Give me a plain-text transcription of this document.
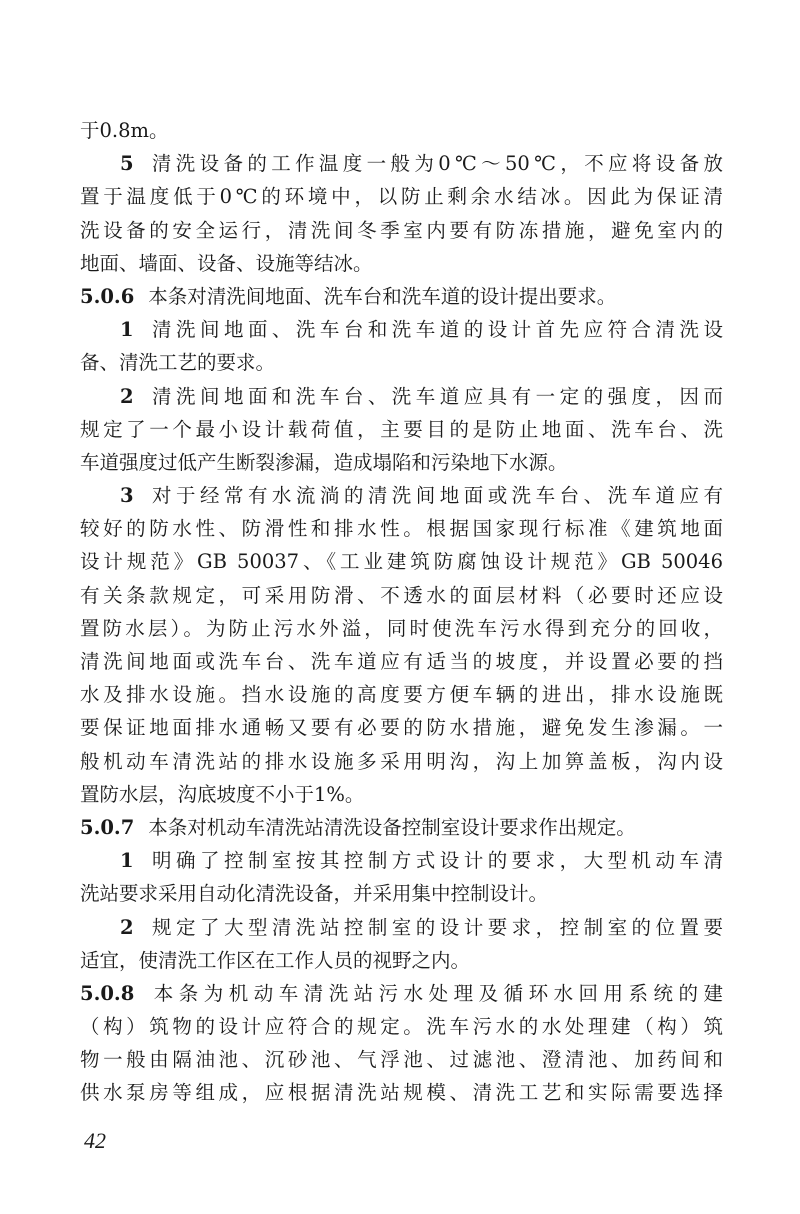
于0.8m。
5 清洗设备的工作温度一般为0℃～50℃，不应将设备放
置于温度低于0℃的环境中，以防止剩余水结冰。因此为保证清
洗设备的安全运行，清洗间冬季室内要有防冻措施，避免室内的
地面、墙面、设备、设施等结冰。
5.0.6 本条对清洗间地面、洗车台和洗车道的设计提出要求。
1 清洗间地面、洗车台和洗车道的设计首先应符合清洗设
备、清洗工艺的要求。
2 清洗间地面和洗车台、洗车道应具有一定的强度，因而
规定了一个最小设计载荷值，主要目的是防止地面、洗车台、洗
车道强度过低产生断裂渗漏，造成塌陷和污染地下水源。
3 对于经常有水流淌的清洗间地面或洗车台、洗车道应有
较好的防水性、防滑性和排水性。根据国家现行标准《建筑地面
设计规范》GB 50037、《工业建筑防腐蚀设计规范》GB 50046
有关条款规定，可采用防滑、不透水的面层材料（必要时还应设
置防水层）。为防止污水外溢，同时使洗车污水得到充分的回收，
清洗间地面或洗车台、洗车道应有适当的坡度，并设置必要的挡
水及排水设施。挡水设施的高度要方便车辆的进出，排水设施既
要保证地面排水通畅又要有必要的防水措施，避免发生渗漏。一
般机动车清洗站的排水设施多采用明沟，沟上加箅盖板，沟内设
置防水层，沟底坡度不小于1%。
5.0.7 本条对机动车清洗站清洗设备控制室设计要求作出规定。
1 明确了控制室按其控制方式设计的要求，大型机动车清
洗站要求采用自动化清洗设备，并采用集中控制设计。
2 规定了大型清洗站控制室的设计要求，控制室的位置要
适宜，使清洗工作区在工作人员的视野之内。
5.0.8 本条为机动车清洗站污水处理及循环水回用系统的建
（构）筑物的设计应符合的规定。洗车污水的水处理建（构）筑
物一般由隔油池、沉砂池、气浮池、过滤池、澄清池、加药间和
供水泵房等组成，应根据清洗站规模、清洗工艺和实际需要选择
42
